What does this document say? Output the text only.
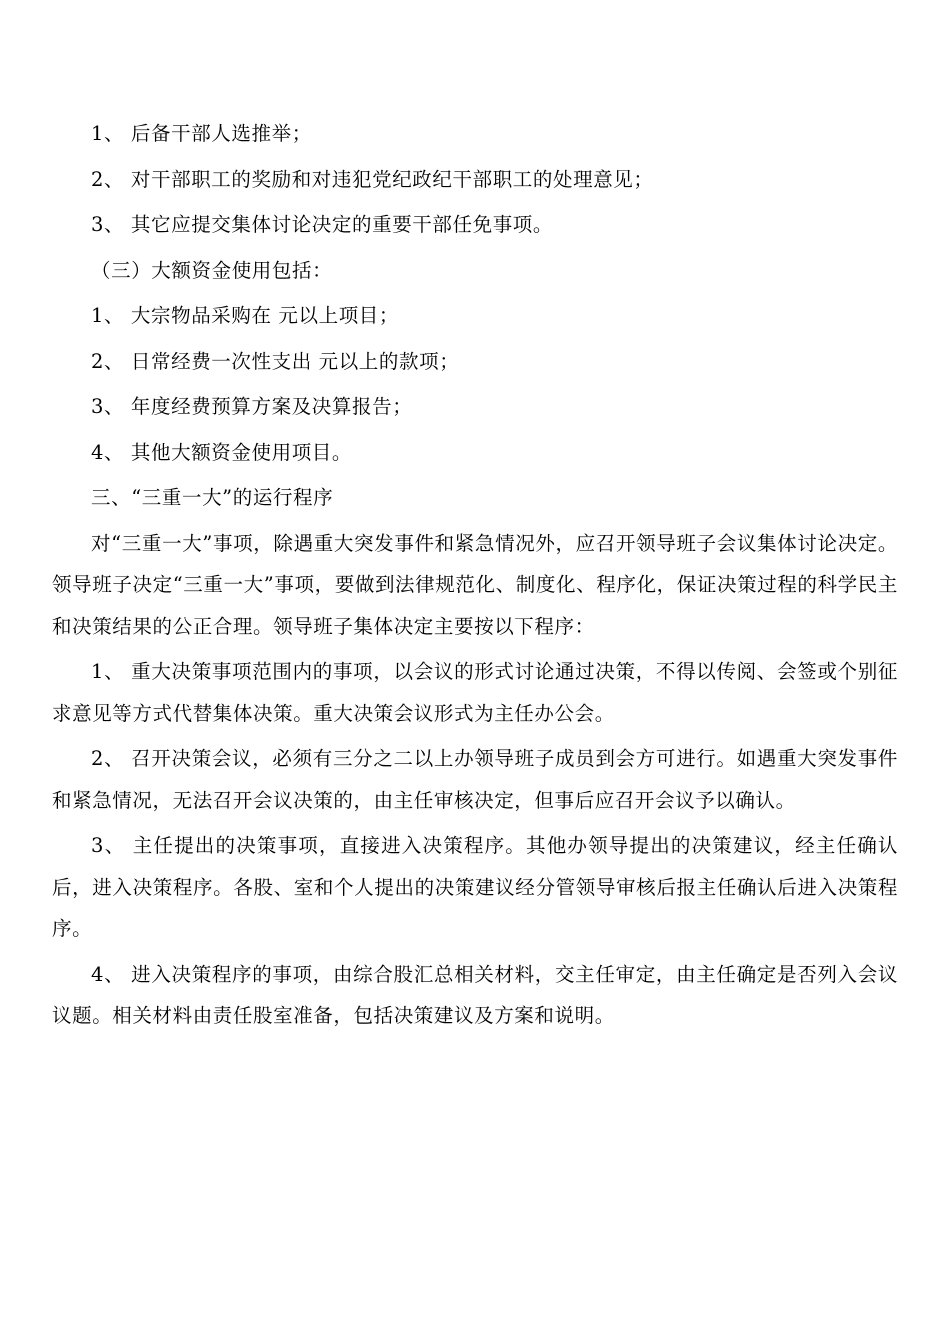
1、 后备干部人选推举；

2、 对干部职工的奖励和对违犯党纪政纪干部职工的处理意见；

3、 其它应提交集体讨论决定的重要干部任免事项。

（三）大额资金使用包括：

1、 大宗物品采购在 元以上项目；

2、 日常经费一次性支出 元以上的款项；

3、 年度经费预算方案及决算报告；

4、 其他大额资金使用项目。

三、“三重一大”的运行程序

对“三重一大”事项，除遇重大突发事件和紧急情况外，应召开领导班子会议集体讨论决定。领导班子决定“三重一大”事项，要做到法律规范化、制度化、程序化，保证决策过程的科学民主和决策结果的公正合理。领导班子集体决定主要按以下程序：

1、 重大决策事项范围内的事项，以会议的形式讨论通过决策，不得以传阅、会签或个别征求意见等方式代替集体决策。重大决策会议形式为主任办公会。

2、 召开决策会议，必须有三分之二以上办领导班子成员到会方可进行。如遇重大突发事件和紧急情况，无法召开会议决策的，由主任审核决定，但事后应召开会议予以确认。

3、 主任提出的决策事项，直接进入决策程序。其他办领导提出的决策建议，经主任确认后，进入决策程序。各股、室和个人提出的决策建议经分管领导审核后报主任确认后进入决策程序。

4、 进入决策程序的事项，由综合股汇总相关材料，交主任审定，由主任确定是否列入会议议题。相关材料由责任股室准备，包括决策建议及方案和说明。
